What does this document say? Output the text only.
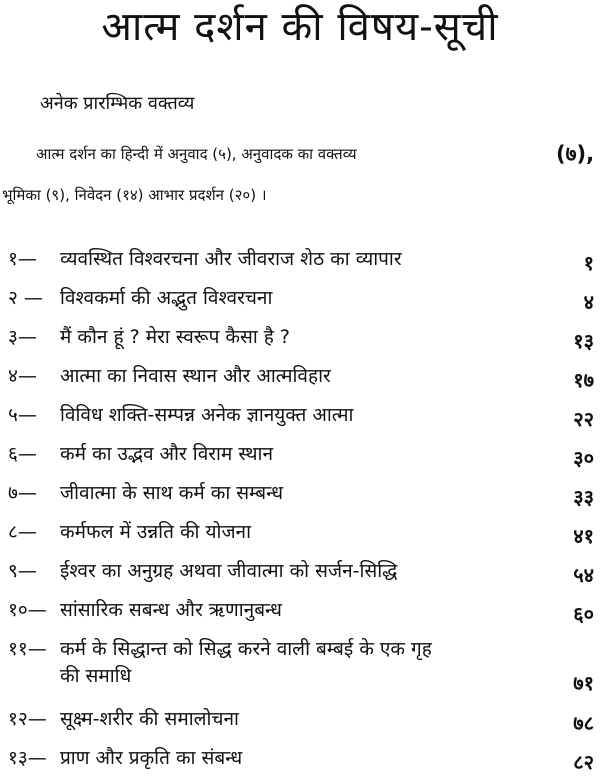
आत्म दर्शन की विषय-सूची
अनेक प्रारम्भिक वक्तव्य
आत्म दर्शन का हिन्दी में अनुवाद (५), अनुवादक का वक्तव्य	(७),
भूमिका (९), निवेदन (१४) आभार प्रदर्शन (२०) ।
१— व्यवस्थित विश्वरचना और जीवराज शेठ का व्यापार	१
२ — विश्वकर्मा की अद्भुत विश्वरचना	४
३— मैं कौन हूं ? मेरा स्वरूप कैसा है ?	१३
४— आत्मा का निवास स्थान और आत्मविहार	१७
५— विविध शक्ति-सम्पन्न अनेक ज्ञानयुक्त आत्मा	२२
६— कर्म का उद्भव और विराम स्थान	३०
७— जीवात्मा के साथ कर्म का सम्बन्ध	३३
८— कर्मफल में उन्नति की योजना	४१
९— ईश्वर का अनुग्रह अथवा जीवात्मा को सर्जन-सिद्धि	५४
१०— सांसारिक सबन्ध और ऋणानुबन्ध	६०
११— कर्म के सिद्धान्त को सिद्ध करने वाली बम्बई के एक गृह
की समाधि	७१
१२— सूक्ष्म-शरीर की समालोचना	७८
१३— प्राण और प्रकृति का संबन्ध	८२
